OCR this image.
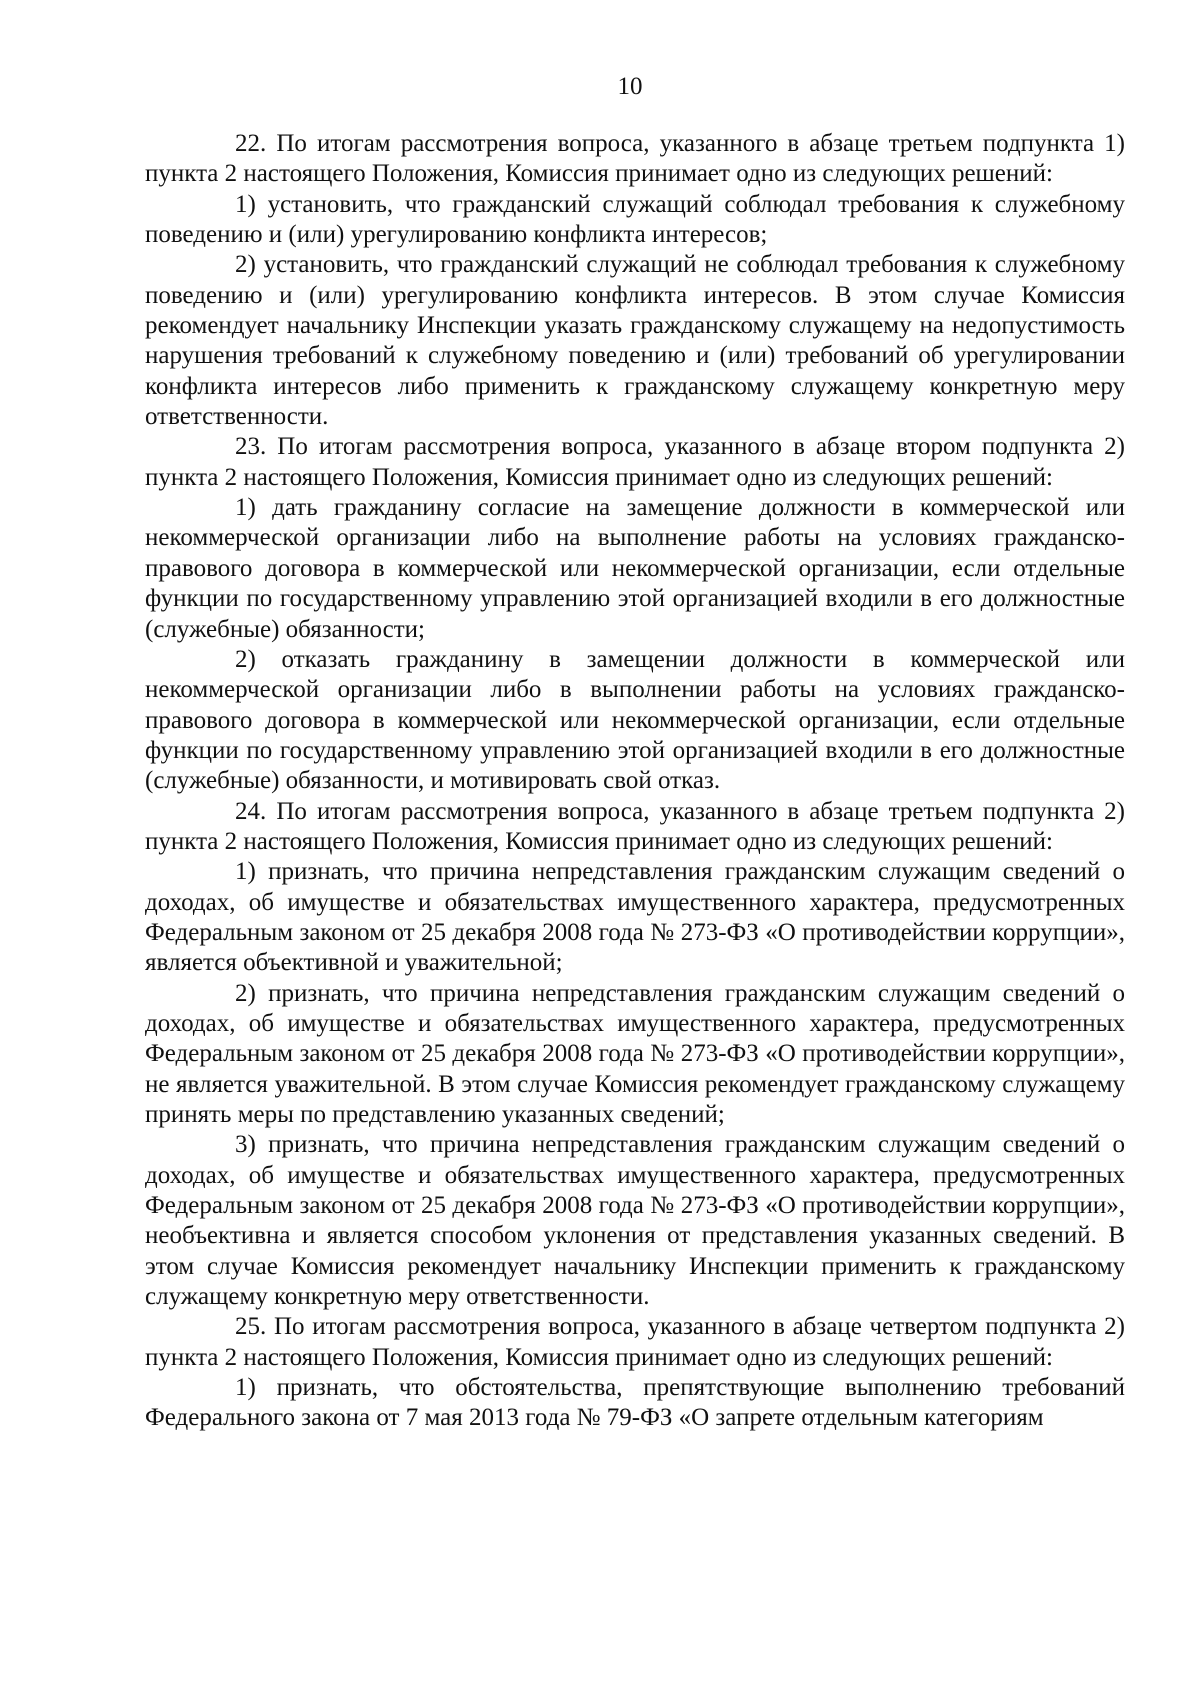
10

22. По итогам рассмотрения вопроса, указанного в абзаце третьем подпункта 1) пункта 2 настоящего Положения, Комиссия принимает одно из следующих решений:

1) установить, что гражданский служащий соблюдал требования к служебному поведению и (или) урегулированию конфликта интересов;

2) установить, что гражданский служащий не соблюдал требования к служебному поведению и (или) урегулированию конфликта интересов. В этом случае Комиссия рекомендует начальнику Инспекции указать гражданскому служащему на недопустимость нарушения требований к служебному поведению и (или) требований об урегулировании конфликта интересов либо применить к гражданскому служащему конкретную меру ответственности.

23. По итогам рассмотрения вопроса, указанного в абзаце втором подпункта 2) пункта 2 настоящего Положения, Комиссия принимает одно из следующих решений:

1) дать гражданину согласие на замещение должности в коммерческой или некоммерческой организации либо на выполнение работы на условиях гражданско-правового договора в коммерческой или некоммерческой организации, если отдельные функции по государственному управлению этой организацией входили в его должностные (служебные) обязанности;

2) отказать гражданину в замещении должности в коммерческой или некоммерческой организации либо в выполнении работы на условиях гражданско-правового договора в коммерческой или некоммерческой организации, если отдельные функции по государственному управлению этой организацией входили в его должностные (служебные) обязанности, и мотивировать свой отказ.

24. По итогам рассмотрения вопроса, указанного в абзаце третьем подпункта 2) пункта 2 настоящего Положения, Комиссия принимает одно из следующих решений:

1) признать, что причина непредставления гражданским служащим сведений о доходах, об имуществе и обязательствах имущественного характера, предусмотренных Федеральным законом от 25 декабря 2008 года № 273-ФЗ «О противодействии коррупции», является объективной и уважительной;

2) признать, что причина непредставления гражданским служащим сведений о доходах, об имуществе и обязательствах имущественного характера, предусмотренных Федеральным законом от 25 декабря 2008 года № 273-ФЗ «О противодействии коррупции», не является уважительной. В этом случае Комиссия рекомендует гражданскому служащему принять меры по представлению указанных сведений;

3) признать, что причина непредставления гражданским служащим сведений о доходах, об имуществе и обязательствах имущественного характера, предусмотренных Федеральным законом от 25 декабря 2008 года № 273-ФЗ «О противодействии коррупции», необъективна и является способом уклонения от представления указанных сведений. В этом случае Комиссия рекомендует начальнику Инспекции применить к гражданскому служащему конкретную меру ответственности.

25. По итогам рассмотрения вопроса, указанного в абзаце четвертом подпункта 2) пункта 2 настоящего Положения, Комиссия принимает одно из следующих решений:

1) признать, что обстоятельства, препятствующие выполнению требований Федерального закона от 7 мая 2013 года № 79-ФЗ «О запрете отдельным категориям
